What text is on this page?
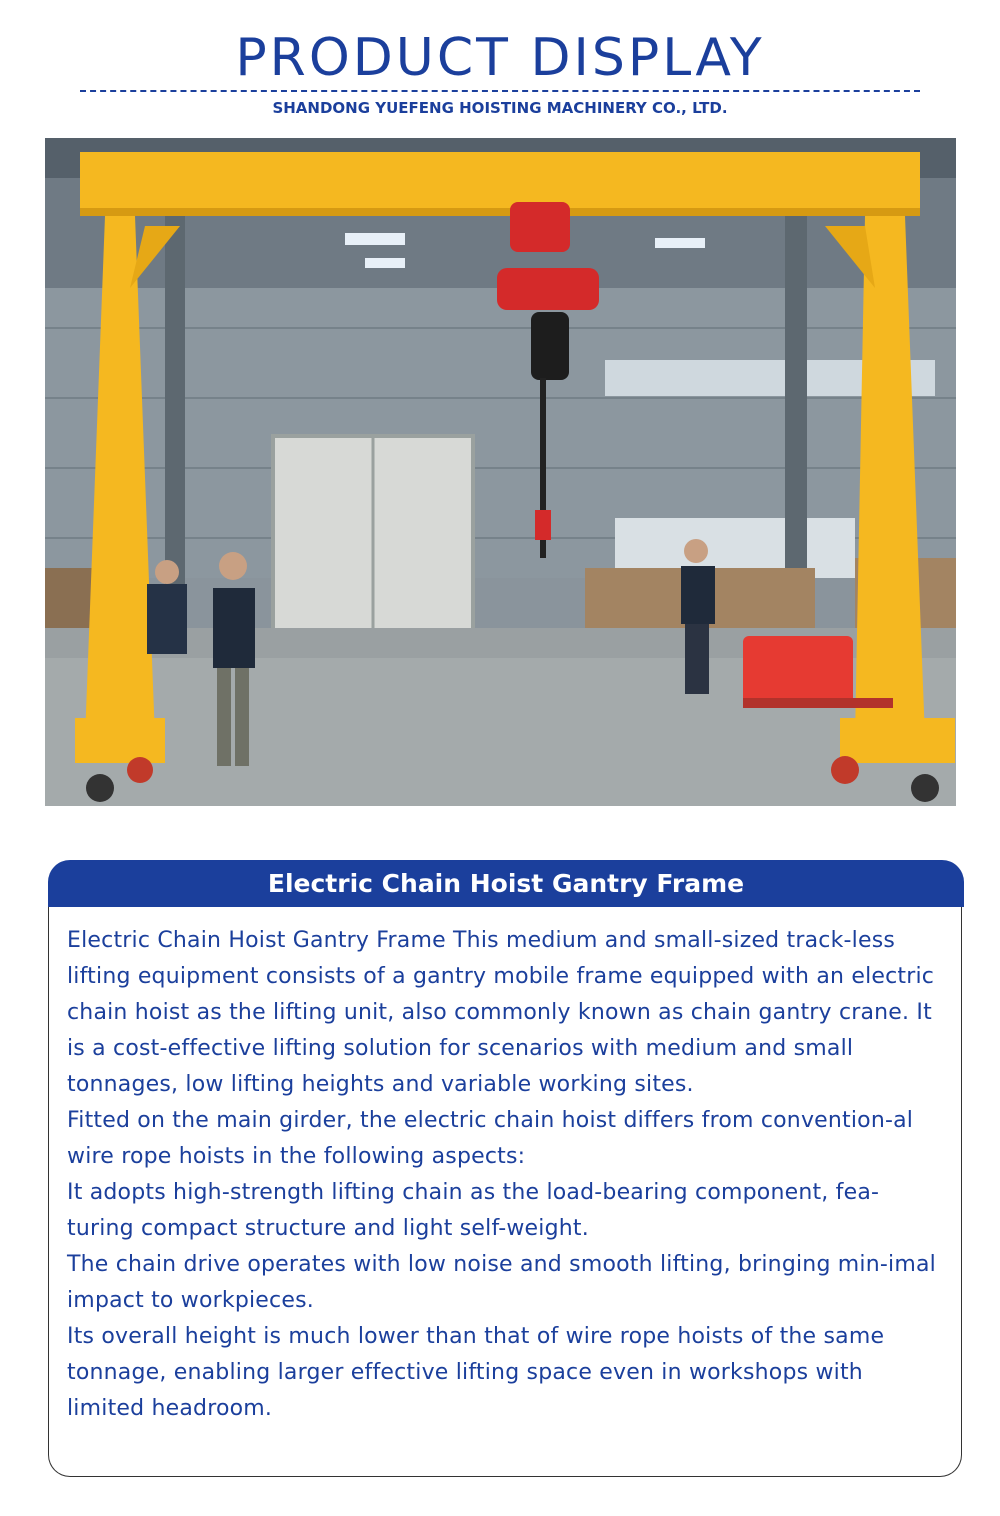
PRODUCT DISPLAY
SHANDONG YUEFENG HOISTING MACHINERY CO., LTD.
Electric Chain Hoist Gantry Frame

Electric Chain Hoist Gantry Frame This medium and small-sized track-less lifting equipment consists of a gantry mobile frame equipped with an electric chain hoist as the lifting unit, also commonly known as chain gantry crane. It is a cost-effective lifting solution for scenarios with medium and small tonnages, low lifting heights and variable working sites.

Fitted on the main girder, the electric chain hoist differs from convention-al wire rope hoists in the following aspects:

It adopts high-strength lifting chain as the load-bearing component, fea-turing compact structure and light self-weight.

The chain drive operates with low noise and smooth lifting, bringing min-imal impact to workpieces.

Its overall height is much lower than that of wire rope hoists of the same tonnage, enabling larger effective lifting space even in workshops with limited headroom.
